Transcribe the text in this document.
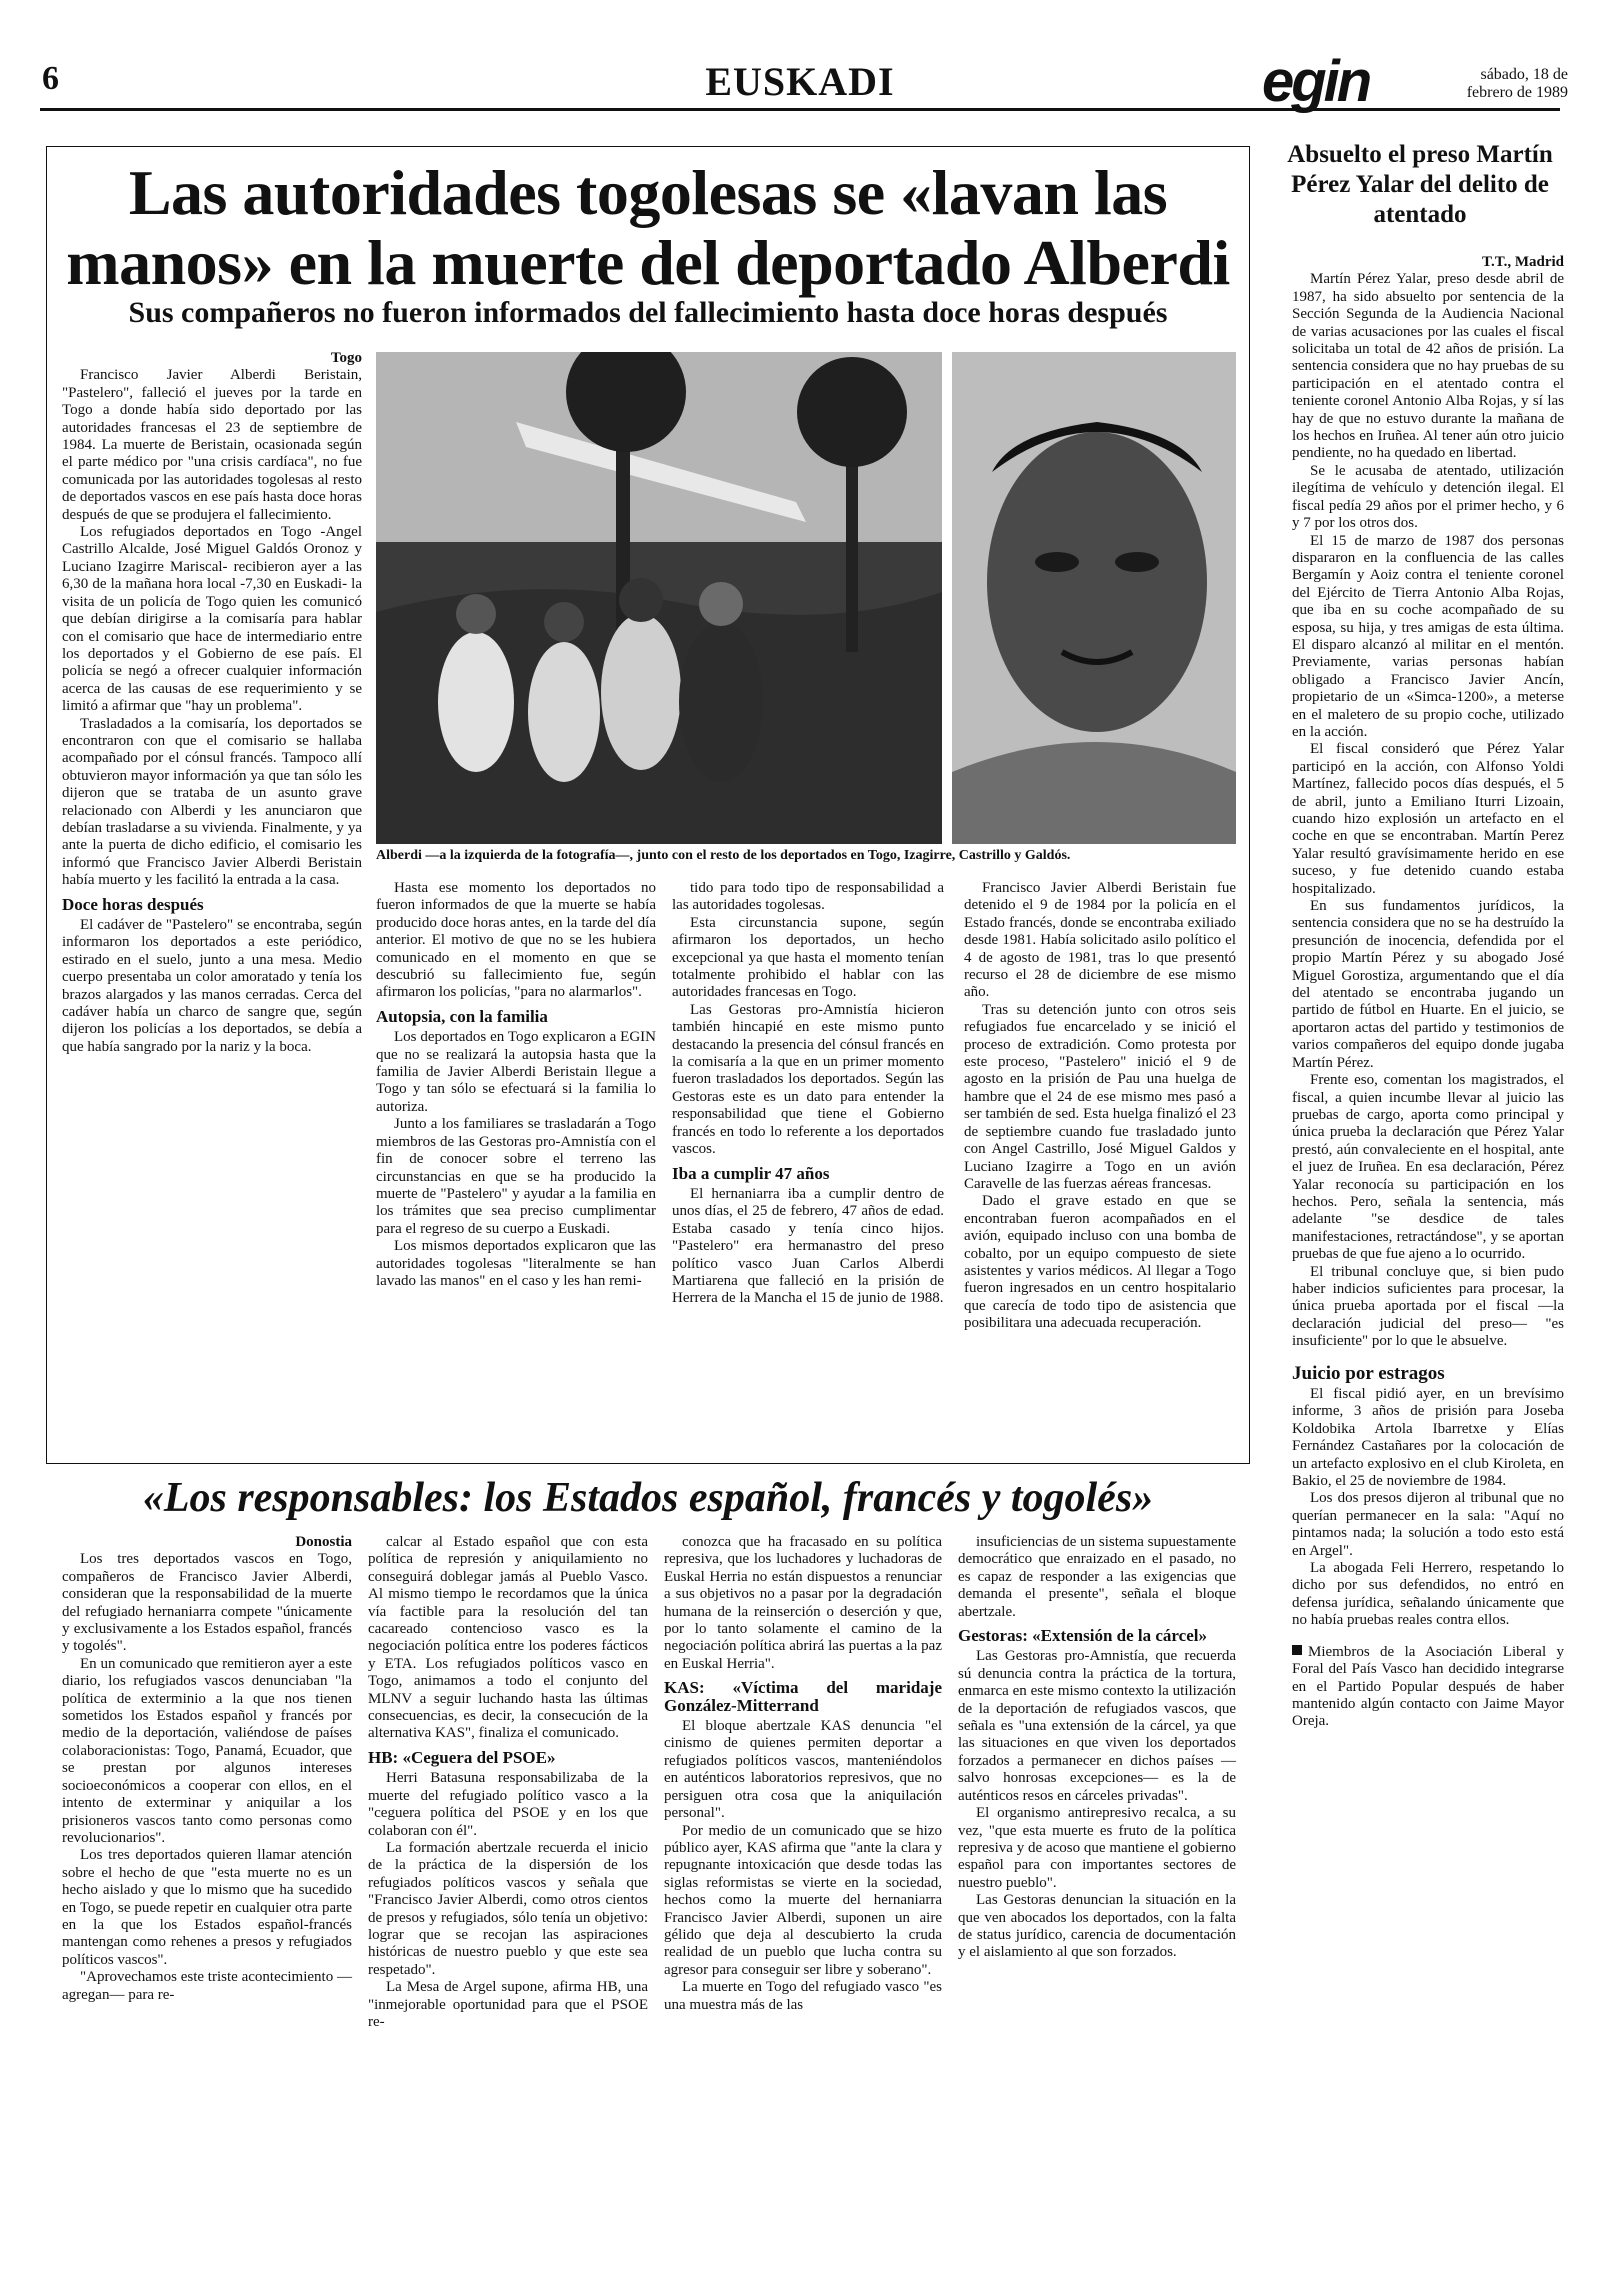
6	EUSKADI	egin	sábado, 18 de
febrero de 1989
Las autoridades togolesas se «lavan las
manos» en la muerte del deportado Alberdi
Sus compañeros no fueron informados del fallecimiento hasta doce horas después

Togo

Francisco Javier Alberdi Beristain, "Pastelero", falleció el jueves por la tarde en Togo a donde había sido deportado por las autoridades francesas el 23 de septiembre de 1984. La muerte de Beristain, ocasionada según el parte médico por "una crisis cardíaca", no fue comunicada por las autoridades togolesas al resto de deportados vascos en ese país hasta doce horas después de que se produjera el fallecimiento.

Los refugiados deportados en Togo -Angel Castrillo Alcalde, José Miguel Galdós Oronoz y Luciano Izagirre Mariscal- recibieron ayer a las 6,30 de la mañana hora local -7,30 en Euskadi- la visita de un policía de Togo quien les comunicó que debían dirigirse a la comisaría para hablar con el comisario que hace de intermediario entre los deportados y el Gobierno de ese país. El policía se negó a ofrecer cualquier información acerca de las causas de ese requerimiento y se limitó a afirmar que "hay un problema".

Trasladados a la comisaría, los deportados se encontraron con que el comisario se hallaba acompañado por el cónsul francés. Tampoco allí obtuvieron mayor información ya que tan sólo les dijeron que se trataba de un asunto grave relacionado con Alberdi y les anunciaron que debían trasladarse a su vivienda. Finalmente, y ya ante la puerta de dicho edificio, el comisario les informó que Francisco Javier Alberdi Beristain había muerto y les facilitó la entrada a la casa.

Doce horas después

El cadáver de "Pastelero" se encontraba, según informaron los deportados a este periódico, estirado en el suelo, junto a una mesa. Medio cuerpo presentaba un color amoratado y tenía los brazos alargados y las manos cerradas. Cerca del cadáver había un charco de sangre que, según dijeron los policías a los deportados, se debía a que había sangrado por la nariz y la boca.

Alberdi —a la izquierda de la fotografía—, junto con el resto de los deportados en Togo, Izagirre, Castrillo y Galdós.

Hasta ese momento los deportados no fueron informados de que la muerte se había producido doce horas antes, en la tarde del día anterior. El motivo de que no se les hubiera comunicado en el momento en que se descubrió su fallecimiento fue, según afirmaron los policías, "para no alarmarlos".

Autopsia, con la familia

Los deportados en Togo explicaron a EGIN que no se realizará la autopsia hasta que la familia de Javier Alberdi Beristain llegue a Togo y tan sólo se efectuará si la familia lo autoriza.

Junto a los familiares se trasladarán a Togo miembros de las Gestoras pro-Amnistía con el fin de conocer sobre el terreno las circunstancias en que se ha producido la muerte de "Pastelero" y ayudar a la familia en los trámites que sea preciso cumplimentar para el regreso de su cuerpo a Euskadi.

Los mismos deportados explicaron que las autoridades togolesas "literalmente se han lavado las manos" en el caso y les han remi-

tido para todo tipo de responsabilidad a las autoridades togolesas.

Esta circunstancia supone, según afirmaron los deportados, un hecho excepcional ya que hasta el momento tenían totalmente prohibido el hablar con las autoridades francesas en Togo.

Las Gestoras pro-Amnistía hicieron también hincapié en este mismo punto destacando la presencia del cónsul francés en la comisaría a la que en un primer momento fueron trasladados los deportados. Según las Gestoras este es un dato para entender la responsabilidad que tiene el Gobierno francés en todo lo referente a los deportados vascos.

Iba a cumplir 47 años

El hernaniarra iba a cumplir dentro de unos días, el 25 de febrero, 47 años de edad. Estaba casado y tenía cinco hijos. "Pastelero" era hermanastro del preso político vasco Juan Carlos Alberdi Martiarena que falleció en la prisión de Herrera de la Mancha el 15 de junio de 1988.

Francisco Javier Alberdi Beristain fue detenido el 9 de 1984 por la policía en el Estado francés, donde se encontraba exiliado desde 1981. Había solicitado asilo político el 4 de agosto de 1981, tras lo que presentó recurso el 28 de diciembre de ese mismo año.

Tras su detención junto con otros seis refugiados fue encarcelado y se inició el proceso de extradición. Como protesta por este proceso, "Pastelero" inició el 9 de agosto en la prisión de Pau una huelga de hambre que el 24 de ese mismo mes pasó a ser también de sed. Esta huelga finalizó el 23 de septiembre cuando fue trasladado junto con Angel Castrillo, José Miguel Galdos y Luciano Izagirre a Togo en un avión Caravelle de las fuerzas aéreas francesas.

Dado el grave estado en que se encontraban fueron acompañados en el avión, equipado incluso con una bomba de cobalto, por un equipo compuesto de siete asistentes y varios médicos. Al llegar a Togo fueron ingresados en un centro hospitalario que carecía de todo tipo de asistencia que posibilitara una adecuada recuperación.

«Los responsables: los Estados español, francés y togolés»

Donostia

Los tres deportados vascos en Togo, compañeros de Francisco Javier Alberdi, consideran que la responsabilidad de la muerte del refugiado hernaniarra compete "únicamente y exclusivamente a los Estados español, francés y togolés".

En un comunicado que remitieron ayer a este diario, los refugiados vascos denunciaban "la política de exterminio a la que nos tienen sometidos los Estados español y francés por medio de la deportación, valiéndose de países colaboracionistas: Togo, Panamá, Ecuador, que se prestan por algunos intereses socioeconómicos a cooperar con ellos, en el intento de exterminar y aniquilar a los prisioneros vascos tanto como personas como revolucionarios".

Los tres deportados quieren llamar atención sobre el hecho de que "esta muerte no es un hecho aislado y que lo mismo que ha sucedido en Togo, se puede repetir en cualquier otra parte en la que los Estados español-francés mantengan como rehenes a presos y refugiados políticos vascos".

"Aprovechamos este triste acontecimiento —agregan— para re-

calcar al Estado español que con esta política de represión y aniquilamiento no conseguirá doblegar jamás al Pueblo Vasco. Al mismo tiempo le recordamos que la única vía factible para la resolución del tan cacareado contencioso vasco es la negociación política entre los poderes fácticos y ETA. Los refugiados políticos vasco en Togo, animamos a todo el conjunto del MLNV a seguir luchando hasta las últimas consecuencias, es decir, la consecución de la alternativa KAS", finaliza el comunicado.

HB: «Ceguera del PSOE»

Herri Batasuna responsabilizaba de la muerte del refugiado político vasco a la "ceguera política del PSOE y en los que colaboran con él".

La formación abertzale recuerda el inicio de la práctica de la dispersión de los refugiados políticos vascos y señala que "Francisco Javier Alberdi, como otros cientos de presos y refugiados, sólo tenía un objetivo: lograr que se recojan las aspiraciones históricas de nuestro pueblo y que este sea respetado".

La Mesa de Argel supone, afirma HB, una "inmejorable oportunidad para que el PSOE re-

conozca que ha fracasado en su política represiva, que los luchadores y luchadoras de Euskal Herria no están dispuestos a renunciar a sus objetivos no a pasar por la degradación humana de la reinserción o deserción y que, por lo tanto solamente el camino de la negociación política abrirá las puertas a la paz en Euskal Herria".

KAS: «Víctima del maridaje González-Mitterrand

El bloque abertzale KAS denuncia "el cinismo de quienes permiten deportar a refugiados políticos vascos, manteniéndolos en auténticos laboratorios represivos, que no persiguen otra cosa que la aniquilación personal".

Por medio de un comunicado que se hizo público ayer, KAS afirma que "ante la clara y repugnante intoxicación que desde todas las siglas reformistas se vierte en la sociedad, hechos como la muerte del hernaniarra Francisco Javier Alberdi, suponen un aire gélido que deja al descubierto la cruda realidad de un pueblo que lucha contra su agresor para conseguir ser libre y soberano".

La muerte en Togo del refugiado vasco "es una muestra más de las

insuficiencias de un sistema supuestamente democrático que enraizado en el pasado, no es capaz de responder a las exigencias que demanda el presente", señala el bloque abertzale.

Gestoras: «Extensión de la cárcel»

Las Gestoras pro-Amnistía, que recuerda sú denuncia contra la práctica de la tortura, enmarca en este mismo contexto la utilización de la deportación de refugiados vascos, que señala es "una extensión de la cárcel, ya que las situaciones en que viven los deportados forzados a permanecer en dichos países —salvo honrosas excepciones— es la de auténticos resos en cárceles privadas".

El organismo antirepresivo recalca, a su vez, "que esta muerte es fruto de la política represiva y de acoso que mantiene el gobierno español para con importantes sectores de nuestro pueblo".

Las Gestoras denuncian la situación en la que ven abocados los deportados, con la falta de status jurídico, carencia de documentación y el aislamiento al que son forzados.

Absuelto el preso Martín Pérez Yalar del delito de atentado

T.T., Madrid

Martín Pérez Yalar, preso desde abril de 1987, ha sido absuelto por sentencia de la Sección Segunda de la Audiencia Nacional de varias acusaciones por las cuales el fiscal solicitaba un total de 42 años de prisión. La sentencia considera que no hay pruebas de su participación en el atentado contra el teniente coronel Antonio Alba Rojas, y sí las hay de que no estuvo durante la mañana de los hechos en Iruñea. Al tener aún otro juicio pendiente, no ha quedado en libertad.

Se le acusaba de atentado, utilización ilegítima de vehículo y detención ilegal. El fiscal pedía 29 años por el primer hecho, y 6 y 7 por los otros dos.

El 15 de marzo de 1987 dos personas dispararon en la confluencia de las calles Bergamín y Aoiz contra el teniente coronel del Ejército de Tierra Antonio Alba Rojas, que iba en su coche acompañado de su esposa, su hija, y tres amigas de esta última. El disparo alcanzó al militar en el mentón. Previamente, varias personas habían obligado a Francisco Javier Ancín, propietario de un «Simca-1200», a meterse en el maletero de su propio coche, utilizado en la acción.

El fiscal consideró que Pérez Yalar participó en la acción, con Alfonso Yoldi Martínez, fallecido pocos días después, el 5 de abril, junto a Emiliano Iturri Lizoain, cuando hizo explosión un artefacto en el coche en que se encontraban. Martín Perez Yalar resultó gravísimamente herido en ese suceso, y fue detenido cuando estaba hospitalizado.

En sus fundamentos jurídicos, la sentencia considera que no se ha destruído la presunción de inocencia, defendida por el propio Martín Pérez y su abogado José Miguel Gorostiza, argumentando que el día del atentado se encontraba jugando un partido de fútbol en Huarte. En el juicio, se aportaron actas del partido y testimonios de varios compañeros del equipo donde jugaba Martín Pérez.

Frente eso, comentan los magistrados, el fiscal, a quien incumbe llevar al juicio las pruebas de cargo, aporta como principal y única prueba la declaración que Pérez Yalar prestó, aún convaleciente en el hospital, ante el juez de Iruñea. En esa declaración, Pérez Yalar reconocía su participación en los hechos. Pero, señala la sentencia, más adelante "se desdice de tales manifestaciones, retractándose", y se aportan pruebas de que fue ajeno a lo ocurrido.

El tribunal concluye que, si bien pudo haber indicios suficientes para procesar, la única prueba aportada por el fiscal —la declaración judicial del preso— "es insuficiente" por lo que le absuelve.

Juicio por estragos

El fiscal pidió ayer, en un brevísimo informe, 3 años de prisión para Joseba Koldobika Artola Ibarretxe y Elías Fernández Castañares por la colocación de un artefacto explosivo en el club Kiroleta, en Bakio, el 25 de noviembre de 1984.

Los dos presos dijeron al tribunal que no querían permanecer en la sala: "Aquí no pintamos nada; la solución a todo esto está en Argel".

La abogada Feli Herrero, respetando lo dicho por sus defendidos, no entró en defensa jurídica, señalando únicamente que no había pruebas reales contra ellos.

Miembros de la Asociación Liberal y Foral del País Vasco han decidido integrarse en el Partido Popular después de haber mantenido algún contacto con Jaime Mayor Oreja.
